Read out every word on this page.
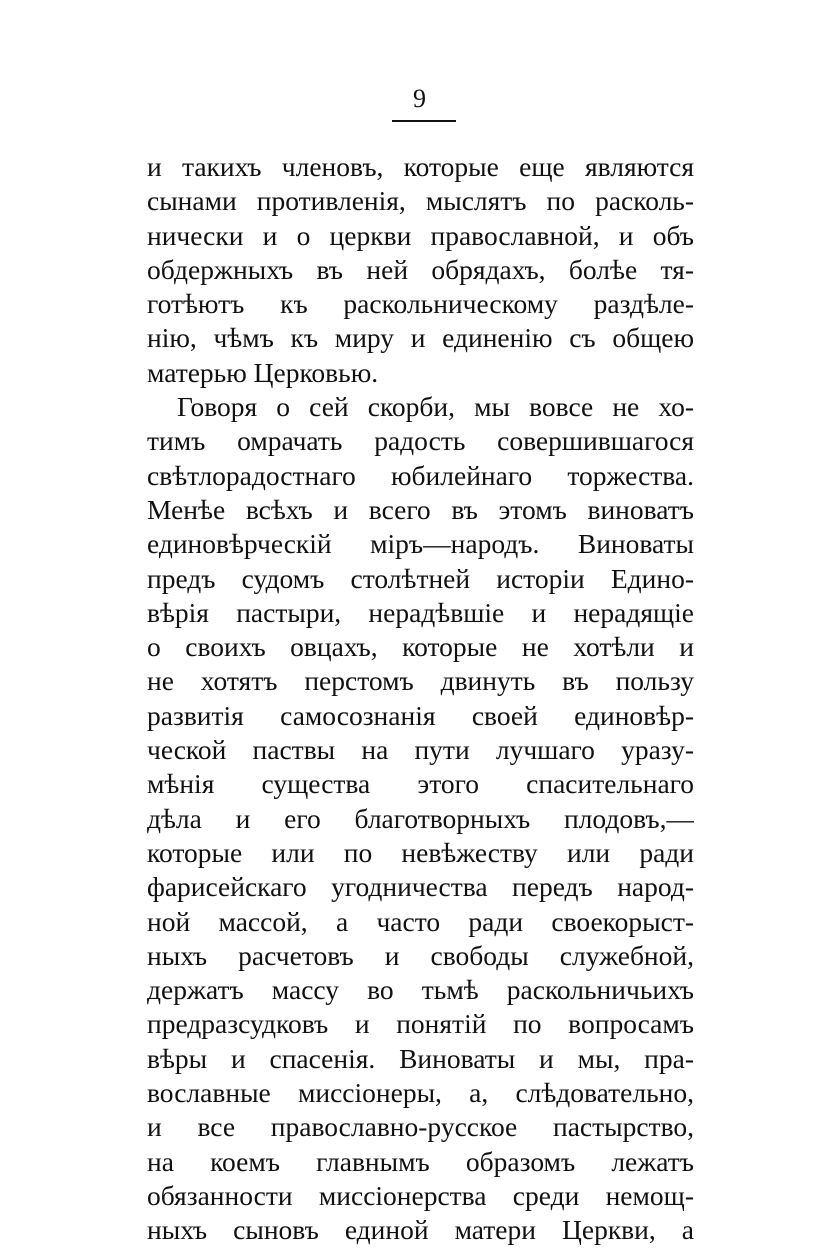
9
и такихъ членовъ, которые еще являются
сынами противленія, мыслятъ по расколь-
нически и о церкви православной, и объ
обдержныхъ въ ней обрядахъ, болѣе тя-
готѣютъ къ раскольническому раздѣле-
нію, чѣмъ къ миру и единенію съ общею
матерью Церковью.
Говоря о сей скорби, мы вовсе не хо-
тимъ омрачать радость совершившагося
свѣтлорадостнаго юбилейнаго торжества.
Менѣе всѣхъ и всего въ этомъ виноватъ
единовѣрческій міръ—народъ. Виноваты
предъ судомъ столѣтней исторіи Едино-
вѣрія пастыри, нерадѣвшіе и нерадящіе
о своихъ овцахъ, которые не хотѣли и
не хотятъ перстомъ двинуть въ пользу
развитія самосознанія своей единовѣр-
ческой паствы на пути лучшаго уразу-
мѣнія существа этого спасительнаго
дѣла и его благотворныхъ плодовъ,—
которые или по невѣжеству или ради
фарисейскаго угодничества передъ народ-
ной массой, а часто ради своекорыст-
ныхъ расчетовъ и свободы служебной,
держатъ массу во тьмѣ раскольничьихъ
предразсудковъ и понятій по вопросамъ
вѣры и спасенія. Виноваты и мы, пра-
вославные миссіонеры, а, слѣдовательно,
и все православно-русское пастырство,
на коемъ главнымъ образомъ лежатъ
обязанности миссіонерства среди немощ-
ныхъ сыновъ единой матери Церкви, а
